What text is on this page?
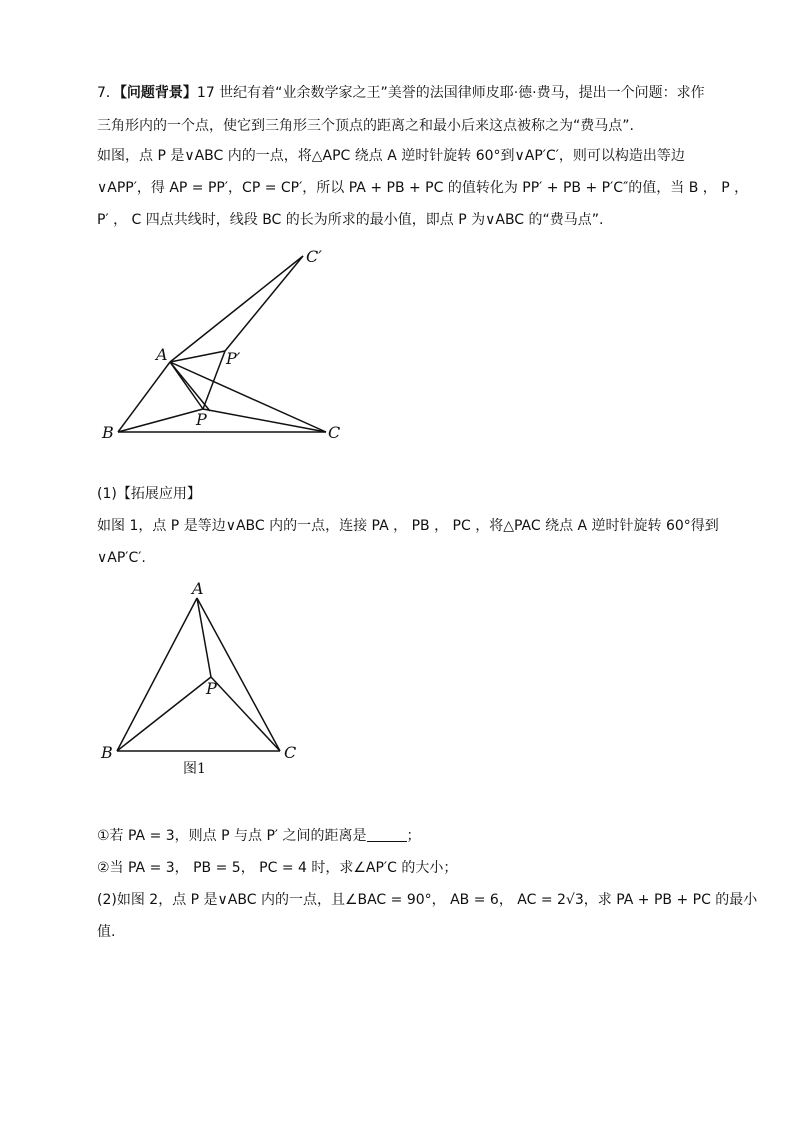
7．【问题背景】17 世纪有着“业余数学家之王”美誉的法国律师皮耶·德·费马，提出一个问题：求作
三角形内的一个点，使它到三角形三个顶点的距离之和最小后来这点被称之为“费马点”.
如图，点 P 是∨ABC 内的一点，将△APC 绕点 A 逆时针旋转 60°到∨AP′C′，则可以构造出等边
∨APP′，得 AP = PP′，CP = CP′，所以 PA + PB + PC 的值转化为 PP′ + PB + P′C″的值，当 B ， P ，
P′ ， C 四点共线时，线段 BC 的长为所求的最小值，即点 P 为∨ABC 的“费马点”.
A
B	C
P
P′
C′
(1)【拓展应用】
如图 1，点 P 是等边∨ABC 内的一点，连接 PA ， PB ， PC ，将△PAC 绕点 A 逆时针旋转 60°得到
∨AP′C′.
A
B	C
P
图1
①若 PA = 3，则点 P 与点 P′ 之间的距离是	；
②当 PA = 3， PB = 5， PC = 4 时，求∠AP′C 的大小；
(2)如图 2，点 P 是∨ABC 内的一点，且∠BAC = 90°， AB = 6， AC = 2√3，求 PA + PB + PC 的最小
值.
